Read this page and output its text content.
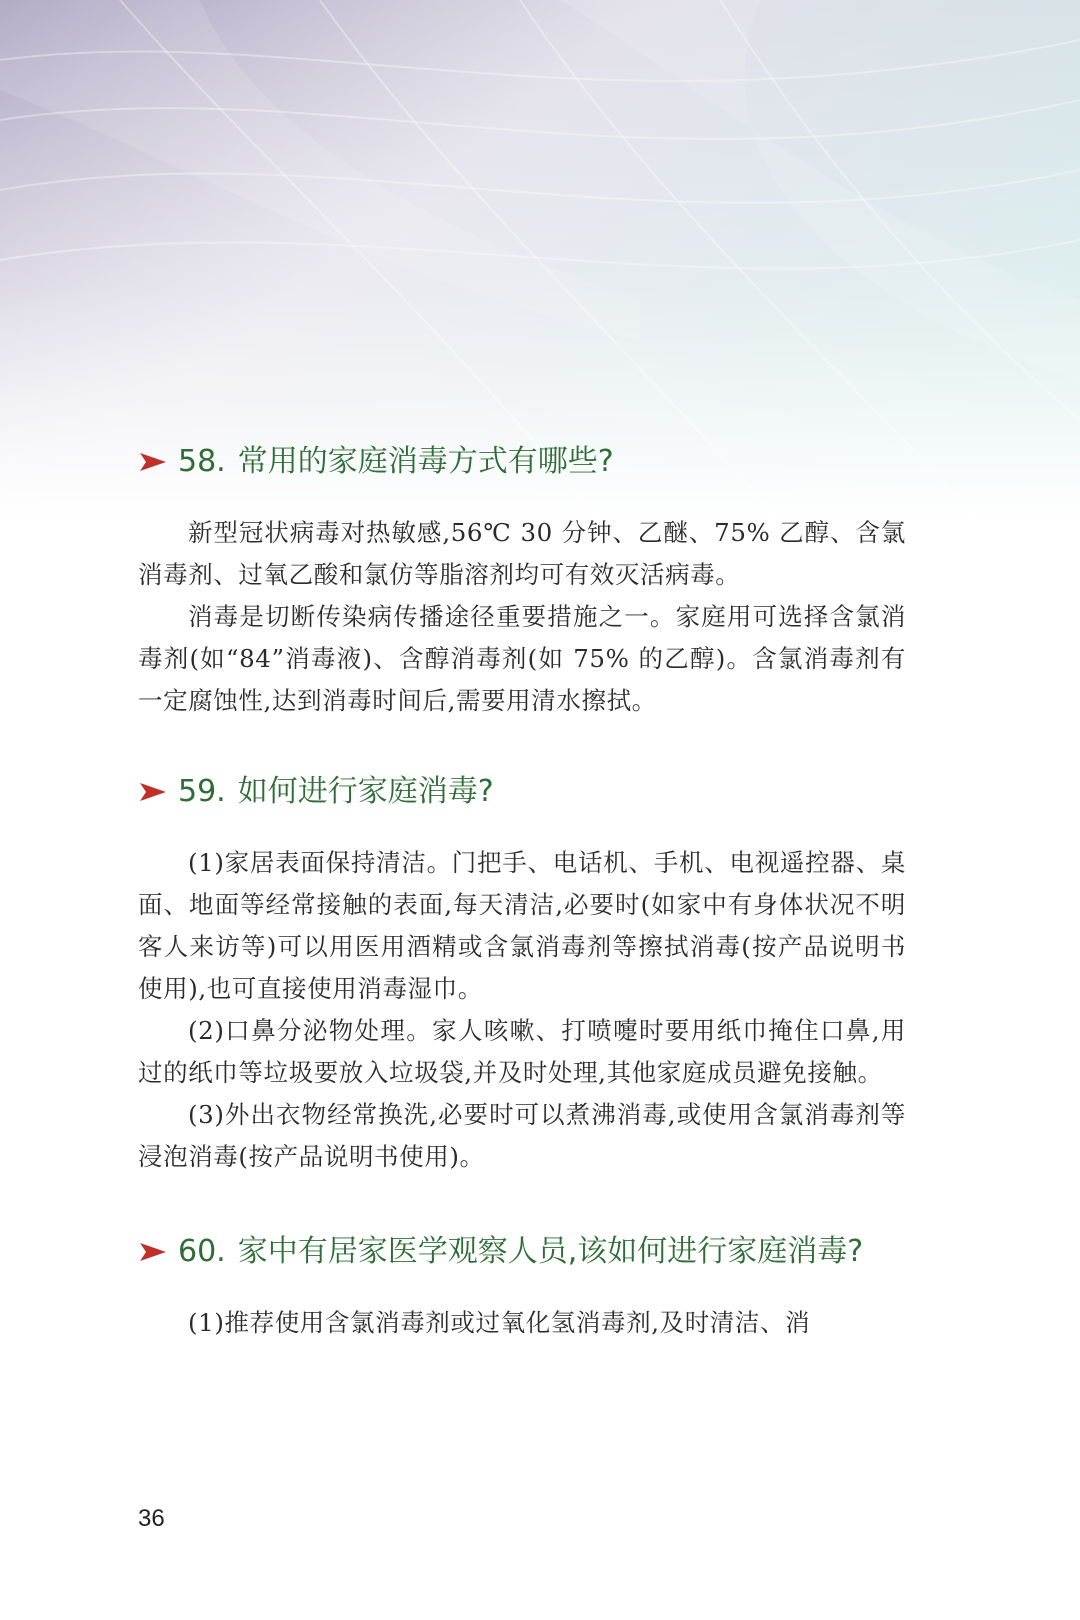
58. 常用的家庭消毒方式有哪些?

新型冠状病毒对热敏感,56℃ 30 分钟、乙醚、75% 乙醇、含氯消毒剂、过氧乙酸和氯仿等脂溶剂均可有效灭活病毒。

消毒是切断传染病传播途径重要措施之一。家庭用可选择含氯消毒剂(如“84”消毒液)、含醇消毒剂(如 75% 的乙醇)。含氯消毒剂有一定腐蚀性,达到消毒时间后,需要用清水擦拭。

59. 如何进行家庭消毒?

(1)家居表面保持清洁。门把手、电话机、手机、电视遥控器、桌面、地面等经常接触的表面,每天清洁,必要时(如家中有身体状况不明客人来访等)可以用医用酒精或含氯消毒剂等擦拭消毒(按产品说明书使用),也可直接使用消毒湿巾。

(2)口鼻分泌物处理。家人咳嗽、打喷嚏时要用纸巾掩住口鼻,用过的纸巾等垃圾要放入垃圾袋,并及时处理,其他家庭成员避免接触。

(3)外出衣物经常换洗,必要时可以煮沸消毒,或使用含氯消毒剂等浸泡消毒(按产品说明书使用)。

60. 家中有居家医学观察人员,该如何进行家庭消毒?

(1)推荐使用含氯消毒剂或过氧化氢消毒剂,及时清洁、消

36
